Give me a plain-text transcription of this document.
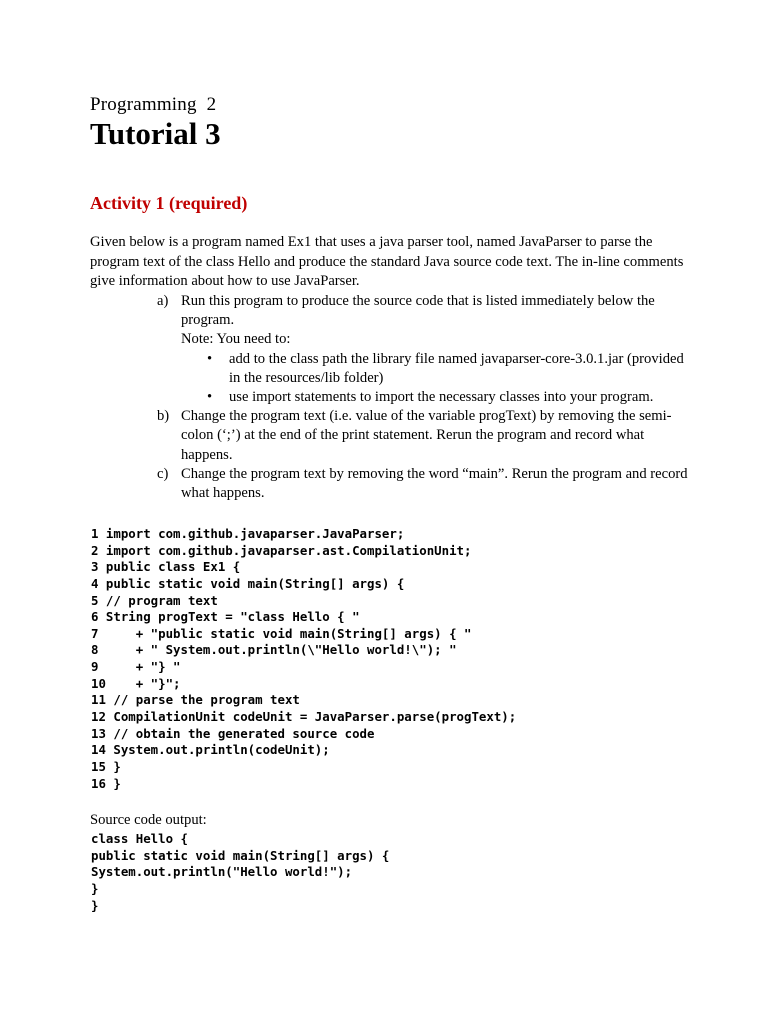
Programming  2
Tutorial 3
Activity 1 (required)
Given below is a program named Ex1 that uses a java parser tool, named JavaParser to parse the program text of the class Hello and produce the standard Java source code text. The in-line comments give information about how to use JavaParser.
a) Run this program to produce the source code that is listed immediately below the program.
Note: You need to:
• add to the class path the library file named javaparser-core-3.0.1.jar (provided in the resources/lib folder)
• use import statements to import the necessary classes into your program.
b) Change the program text (i.e. value of the variable progText) by removing the semi-colon (‘;’) at the end of the print statement. Rerun the program and record what happens.
c) Change the program text by removing the word “main”. Rerun the program and record what happens.
1 import com.github.javaparser.JavaParser;
2 import com.github.javaparser.ast.CompilationUnit;
3 public class Ex1 {
4 public static void main(String[] args) {
5 // program text
6 String progText = "class Hello { "
7     + "public static void main(String[] args) { "
8     + " System.out.println(\"Hello world!\"); "
9     + "} "
10    + "}";
11 // parse the program text
12 CompilationUnit codeUnit = JavaParser.parse(progText);
13 // obtain the generated source code
14 System.out.println(codeUnit);
15 }
16 }
Source code output:
class Hello {
public static void main(String[] args) {
System.out.println("Hello world!");
}
}
